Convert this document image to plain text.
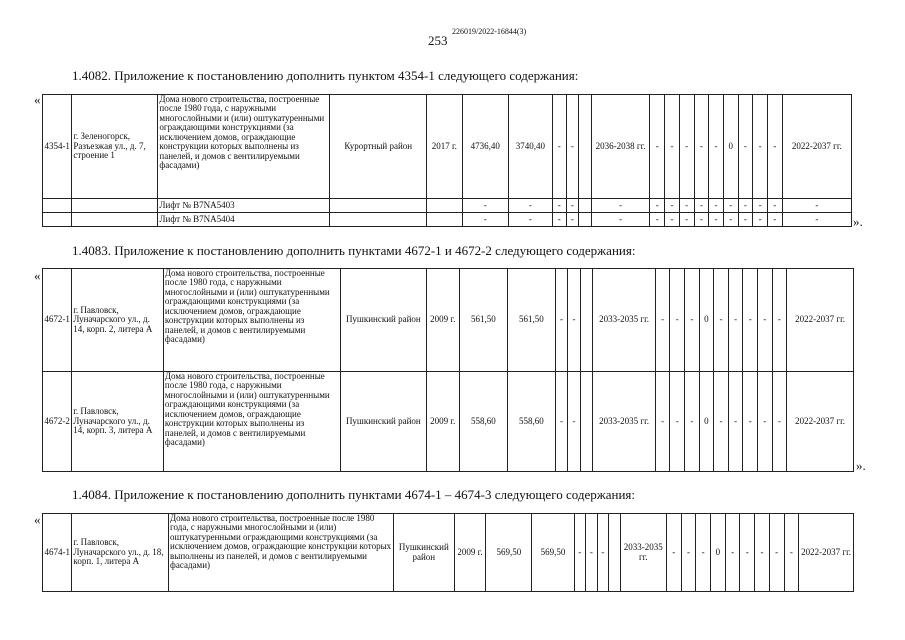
253
226019/2022-16844(3)
1.4082. Приложение к постановлению дополнить пунктом 4354-1 следующего содержания:
«
4354-1	г. Зеленогорск, Разъезжая ул., д. 7, строение 1	Дома нового строительства, построенные после 1980 года, с наружными многослойными и (или) оштукатуренными ограждающими конструкциями (за исключением домов, ограждающие конструкции которых выполнены из панелей, и домов с вентилируемыми фасадами)	Курортный район	2017 г.	4736,40	3740,40	-	-		2036-2038 гг.	-	-	-	-	-	0	-	-	-	2022-2037 гг.
		Лифт № B7NA5403			-	-	-	-		-	-	-	-	-	-	-	-	-	-	-
		Лифт № B7NA5404			-	-	-	-		-	-	-	-	-	-	-	-	-	-	-	».
1.4083. Приложение к постановлению дополнить пунктами 4672-1 и 4672-2 следующего содержания:
«
4672-1	г. Павловск, Луначарского ул., д. 14, корп. 2, литера А	Дома нового строительства, построенные после 1980 года, с наружными многослойными и (или) оштукатуренными ограждающими конструкциями (за исключением домов, ограждающие конструкции которых выполнены из панелей, и домов с вентилируемыми фасадами)	Пушкинский район	2009 г.	561,50	561,50	-	-		2033-2035 гг.	-	-	-	0	-	-	-	-	-	2022-2037 гг.
4672-2	г. Павловск, Луначарского ул., д. 14, корп. 3, литера А	Дома нового строительства, построенные после 1980 года, с наружными многослойными и (или) оштукатуренными ограждающими конструкциями (за исключением домов, ограждающие конструкции которых выполнены из панелей, и домов с вентилируемыми фасадами)	Пушкинский район	2009 г.	558,60	558,60	-	-		2033-2035 гг.	-	-	-	0	-	-	-	-	-	2022-2037 гг.
».
1.4084. Приложение к постановлению дополнить пунктами 4674-1 – 4674-3 следующего содержания:
«
4674-1	г. Павловск, Луначарского ул., д. 18, корп. 1, литера А	Дома нового строительства, построенные после 1980 года, с наружными многослойными и (или) оштукатуренными ограждающими конструкциями (за исключением домов, ограждающие конструкции которых выполнены из панелей, и домов с вентилируемыми фасадами)	Пушкинский район	2009 г.	569,50	569,50	-	-	-		2033-2035 гг.	-	-	-	0	-	-	-	-	-	2022-2037 гг.
